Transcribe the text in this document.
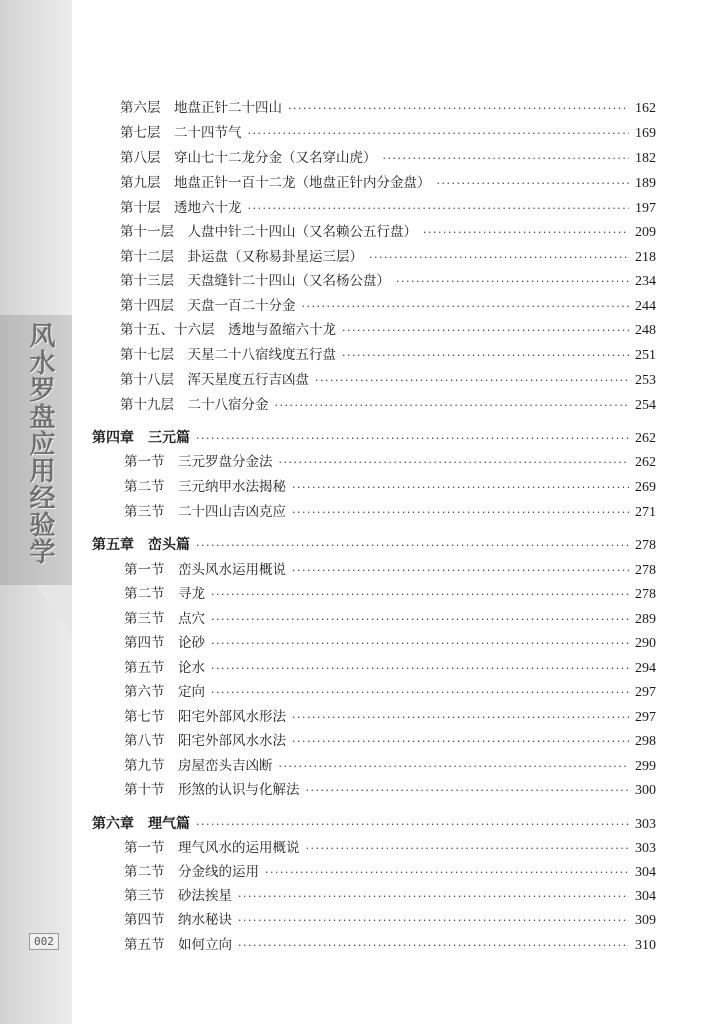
风水罗盘应用经验学
002
第六层　地盘正针二十四山 ·····	162
第七层　二十四节气 ·····	169
第八层　穿山七十二龙分金（又名穿山虎） ·····	182
第九层　地盘正针一百十二龙（地盘正针内分金盘） ·····	189
第十层　透地六十龙 ·····	197
第十一层　人盘中针二十四山（又名赖公五行盘） ·····	209
第十二层　卦运盘（又称易卦星运三层） ·····	218
第十三层　天盘缝针二十四山（又名杨公盘） ·····	234
第十四层　天盘一百二十分金 ·····	244
第十五、十六层　透地与盈缩六十龙 ·····	248
第十七层　天星二十八宿线度五行盘 ·····	251
第十八层　浑天星度五行吉凶盘 ·····	253
第十九层　二十八宿分金 ·····	254
第四章　三元篇 ·····	262
第一节　三元罗盘分金法 ·····	262
第二节　三元纳甲水法揭秘 ·····	269
第三节　二十四山吉凶克应 ·····	271
第五章　峦头篇 ·····	278
第一节　峦头风水运用概说 ·····	278
第二节　寻龙 ·····	278
第三节　点穴 ·····	289
第四节　论砂 ·····	290
第五节　论水 ·····	294
第六节　定向 ·····	297
第七节　阳宅外部风水形法 ·····	297
第八节　阳宅外部风水水法 ·····	298
第九节　房屋峦头吉凶断 ·····	299
第十节　形煞的认识与化解法 ·····	300
第六章　理气篇 ·····	303
第一节　理气风水的运用概说 ·····	303
第二节　分金线的运用 ·····	304
第三节　砂法挨星 ·····	304
第四节　纳水秘诀 ·····	309
第五节　如何立向 ·····	310
